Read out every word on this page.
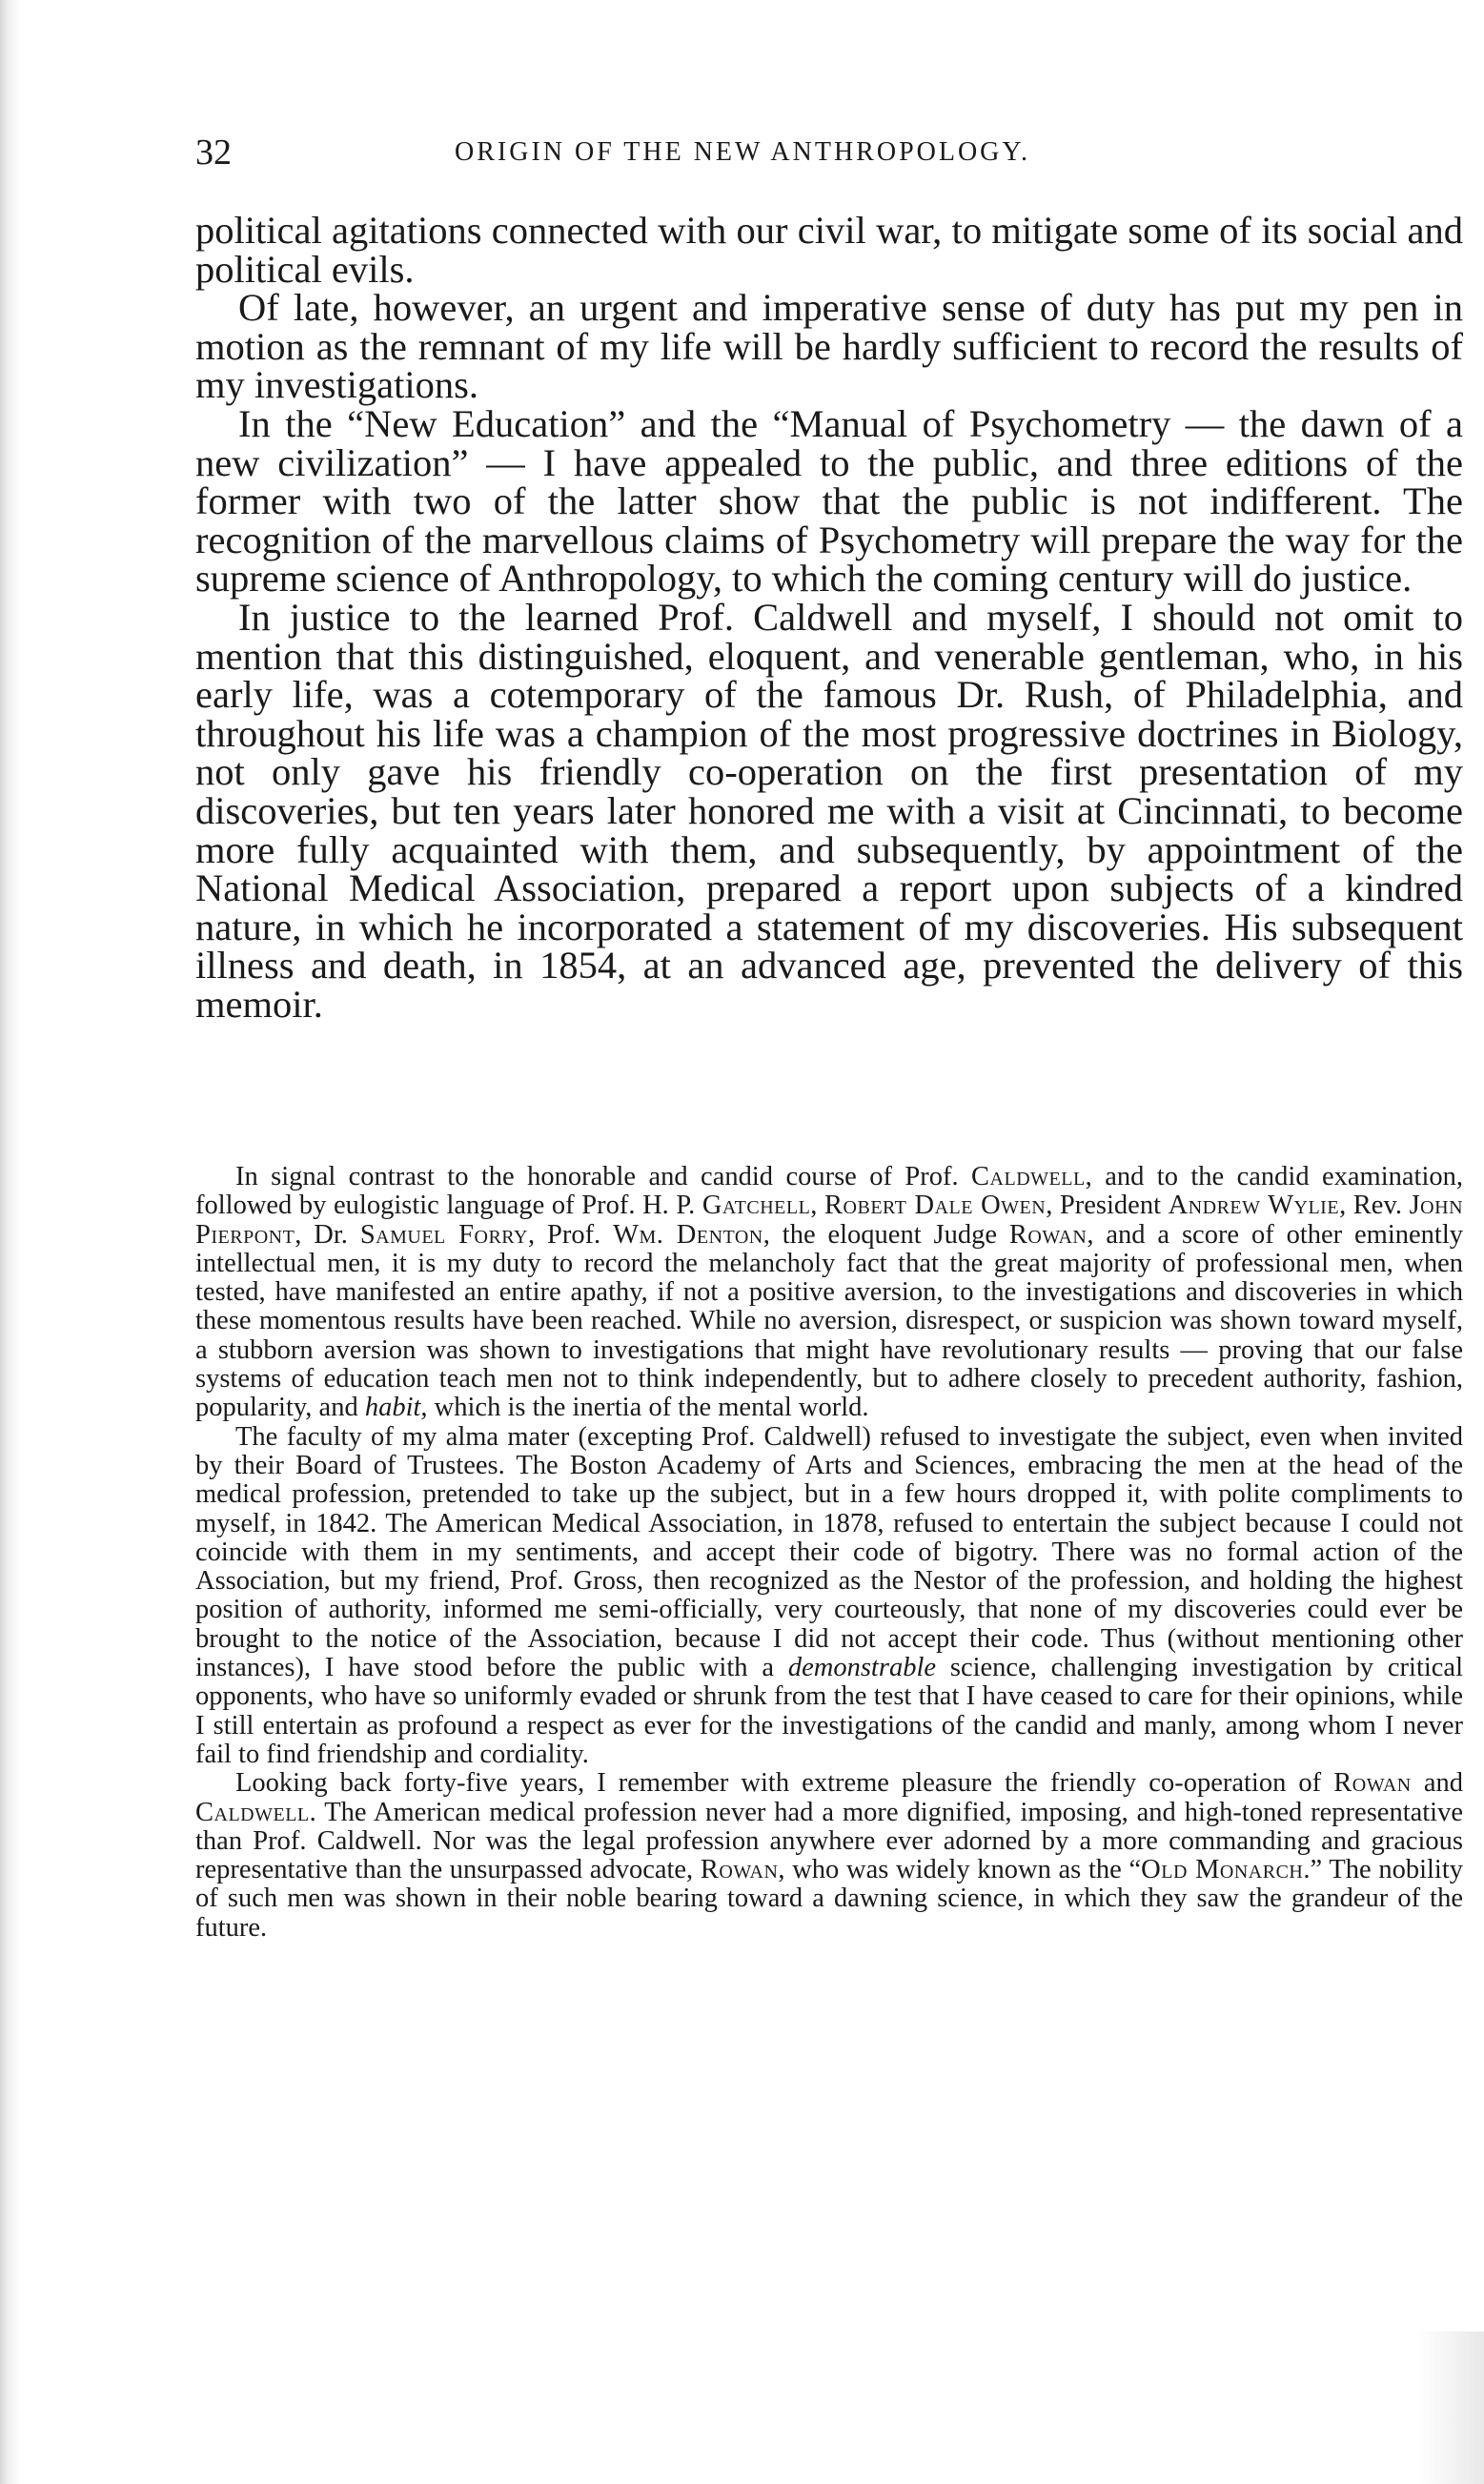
32	ORIGIN OF THE NEW ANTHROPOLOGY.

political agitations connected with our civil war, to mitigate some of its social and political evils.

Of late, however, an urgent and imperative sense of duty has put my pen in motion as the remnant of my life will be hardly sufficient to record the results of my investigations.

In the “New Education” and the “Manual of Psychometry — the dawn of a new civilization” — I have appealed to the public, and three editions of the former with two of the latter show that the public is not indifferent. The recognition of the marvellous claims of Psychometry will prepare the way for the supreme science of Anthropology, to which the coming century will do justice.

In justice to the learned Prof. Caldwell and myself, I should not omit to mention that this distinguished, eloquent, and venerable gentleman, who, in his early life, was a cotemporary of the famous Dr. Rush, of Philadelphia, and throughout his life was a champion of the most progressive doctrines in Biology, not only gave his friendly co-operation on the first presentation of my discoveries, but ten years later honored me with a visit at Cincinnati, to become more fully acquainted with them, and subsequently, by appointment of the National Medical Association, prepared a report upon subjects of a kindred nature, in which he incorporated a statement of my discoveries. His subsequent illness and death, in 1854, at an advanced age, prevented the delivery of this memoir.

In signal contrast to the honorable and candid course of Prof. Caldwell, and to the candid examination, followed by eulogistic language of Prof. H. P. Gatchell, Robert Dale Owen, President Andrew Wylie, Rev. John Pierpont, Dr. Samuel Forry, Prof. Wm. Denton, the eloquent Judge Rowan, and a score of other eminently intellectual men, it is my duty to record the melancholy fact that the great majority of professional men, when tested, have manifested an entire apathy, if not a positive aversion, to the investigations and discoveries in which these momentous results have been reached. While no aversion, disrespect, or suspicion was shown toward myself, a stubborn aversion was shown to investigations that might have revolutionary results — proving that our false systems of education teach men not to think independently, but to adhere closely to precedent authority, fashion, popularity, and habit, which is the inertia of the mental world.

The faculty of my alma mater (excepting Prof. Caldwell) refused to investigate the subject, even when invited by their Board of Trustees. The Boston Academy of Arts and Sciences, embracing the men at the head of the medical profession, pretended to take up the subject, but in a few hours dropped it, with polite compliments to myself, in 1842. The American Medical Association, in 1878, refused to entertain the subject because I could not coincide with them in my sentiments, and accept their code of bigotry. There was no formal action of the Association, but my friend, Prof. Gross, then recognized as the Nestor of the profession, and holding the highest position of authority, informed me semi-officially, very courteously, that none of my discoveries could ever be brought to the notice of the Association, because I did not accept their code. Thus (without mentioning other instances), I have stood before the public with a demonstrable science, challenging investigation by critical opponents, who have so uniformly evaded or shrunk from the test that I have ceased to care for their opinions, while I still entertain as profound a respect as ever for the investigations of the candid and manly, among whom I never fail to find friendship and cordiality.

Looking back forty-five years, I remember with extreme pleasure the friendly co-operation of Rowan and Caldwell. The American medical profession never had a more dignified, imposing, and high-toned representative than Prof. Caldwell. Nor was the legal profession anywhere ever adorned by a more commanding and gracious representative than the unsurpassed advocate, Rowan, who was widely known as the “Old Monarch.” The nobility of such men was shown in their noble bearing toward a dawning science, in which they saw the grandeur of the future.
